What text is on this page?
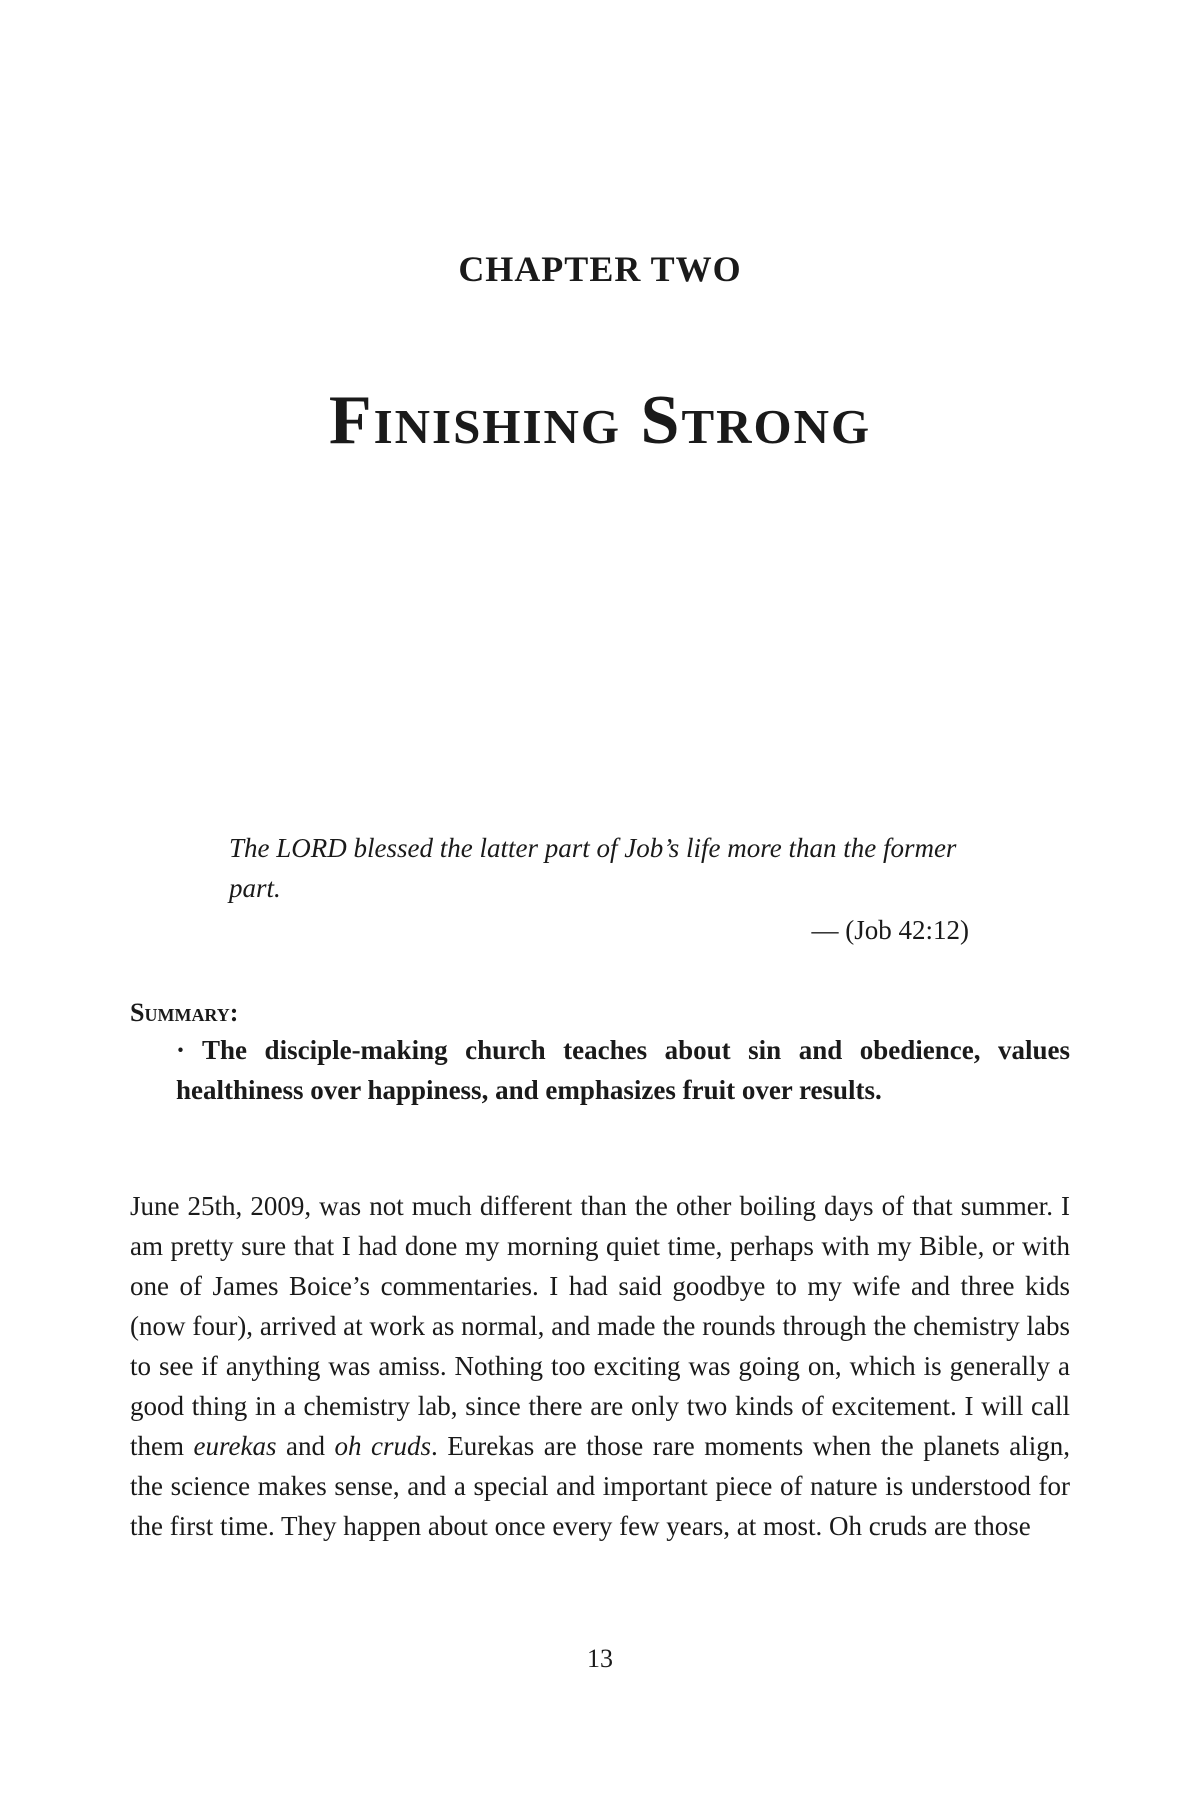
CHAPTER TWO
Finishing Strong

The LORD blessed the latter part of Job’s life more than the former part.

— (Job 42:12)
Summary:
· The disciple-making church teaches about sin and obedience, values healthiness over happiness, and emphasizes fruit over results.

June 25th, 2009, was not much different than the other boiling days of that summer. I am pretty sure that I had done my morning quiet time, perhaps with my Bible, or with one of James Boice’s commentaries. I had said goodbye to my wife and three kids (now four), arrived at work as normal, and made the rounds through the chemistry labs to see if anything was amiss. Nothing too exciting was going on, which is generally a good thing in a chemistry lab, since there are only two kinds of excitement. I will call them eurekas and oh cruds. Eurekas are those rare moments when the planets align, the science makes sense, and a special and important piece of nature is understood for the first time. They happen about once every few years, at most. Oh cruds are those

13
